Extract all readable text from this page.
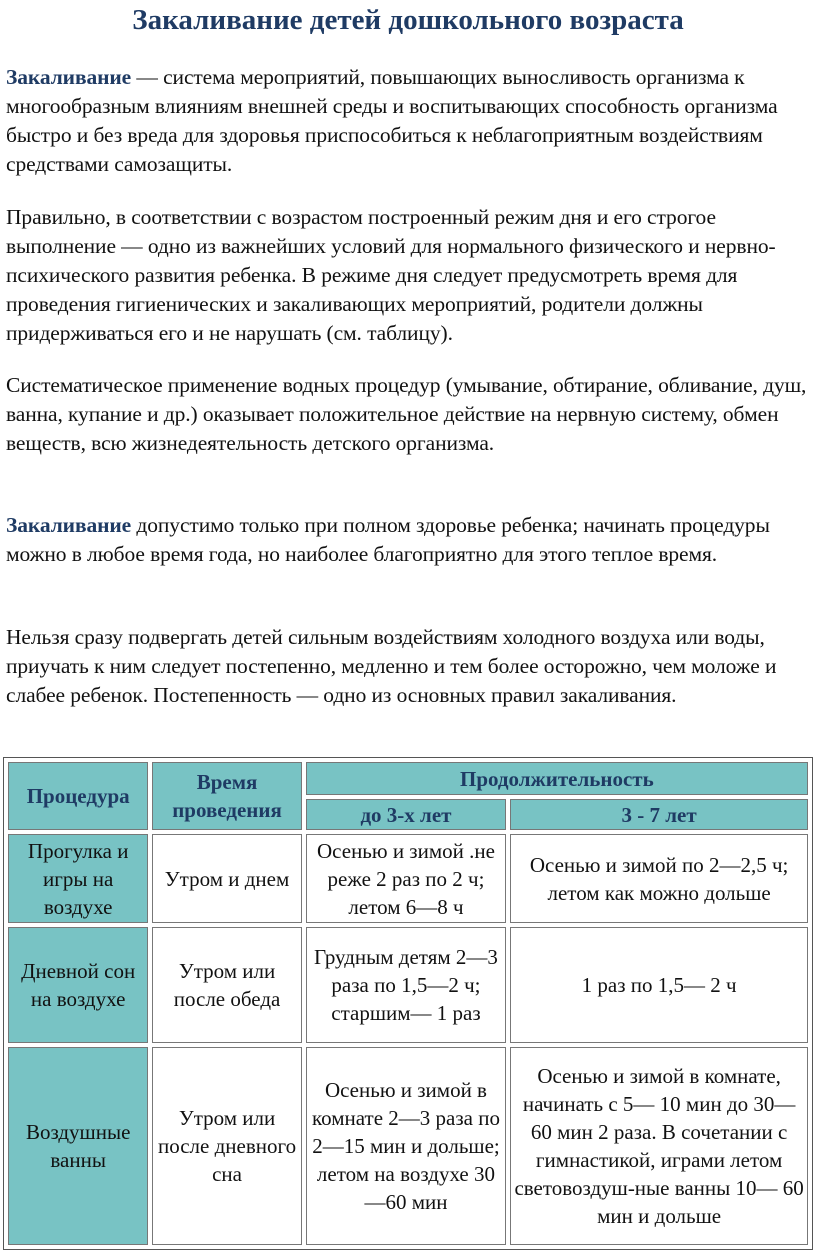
Закаливание детей дошкольного возраста
Закаливание — система мероприятий, повышающих выносливость организма к многообразным влияниям внешней среды и воспитывающих способность организма быстро и без вреда для здоровья приспособиться к неблагоприятным воздействиям средствами самозащиты.
Правильно, в соответствии с возрастом построенный режим дня и его строгое выполнение — одно из важнейших условий для нормального физического и нервно-психического развития ребенка. В режиме дня следует предусмотреть время для проведения гигиенических и закаливающих мероприятий, родители должны придерживаться его и не нарушать (см. таблицу).
Систематическое применение водных процедур (умывание, обтирание, обливание, душ, ванна, купание и др.) оказывает положительное действие на нервную систему, обмен веществ, всю жизнедеятельность детского организма.
Закаливание допустимо только при полном здоровье ребенка; начинать процедуры можно в любое время года, но наиболее благоприятно для этого теплое время.
Нельзя сразу подвергать детей сильным воздействиям холодного воздуха или воды, приучать к ним следует постепенно, медленно и тем более осторожно, чем моложе и слабее ребенок. Постепенность — одно из основных правил закаливания.
Процедура	Время проведения	Продолжительность	
		до 3-х лет	3 - 7 лет
Прогулка и игры на воздухе	Утром и днем	Осенью и зимой .не реже 2 раз по 2 ч; летом 6—8 ч	Осенью и зимой по 2—2,5 ч; летом как можно дольше
Дневной сон на воздухе	Утром или после обеда	Грудным детям 2—3 раза по 1,5—2 ч; старшим— 1 раз	1 раз по 1,5— 2 ч
Воздушные ванны	Утром или после дневного сна	Осенью и зимой в комнате 2—3 раза по 2—15 мин и дольше; летом на воздухе 30—60 мин	Осенью и зимой в комнате, начинать с 5— 10 мин до 30— 60 мин 2 раза. В сочетании с гимнастикой, играми летом световоздуш-ные ванны 10— 60 мин и дольше
